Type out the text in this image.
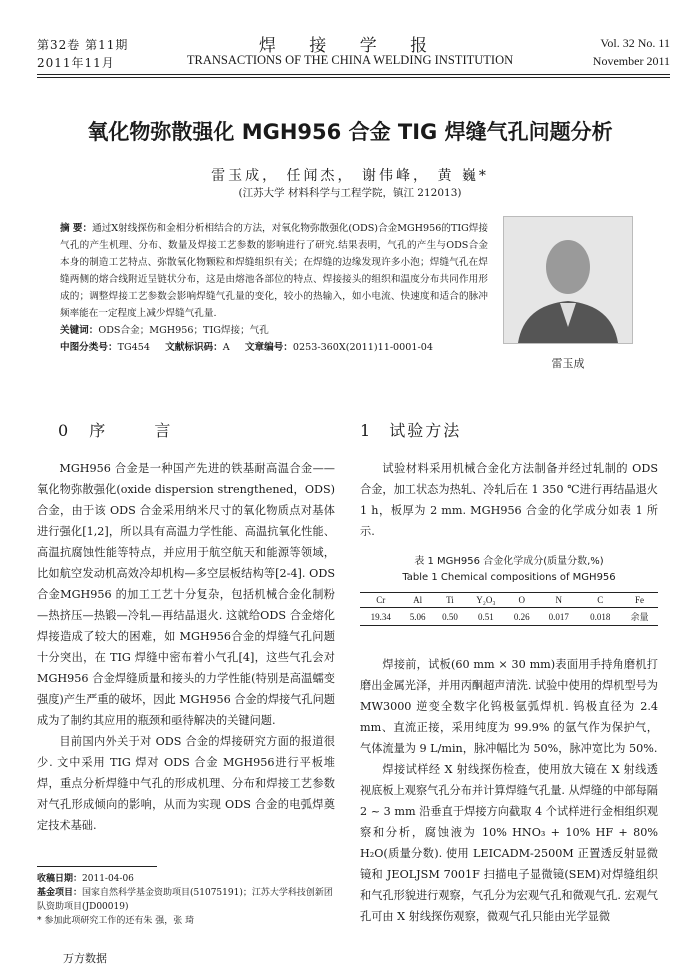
第32卷 第11期
2011年11月
焊 接 学 报
TRANSACTIONS OF THE CHINA WELDING INSTITUTION
Vol. 32 No. 11
November 2011
氧化物弥散强化 MGH956 合金 TIG 焊缝气孔问题分析
雷玉成， 任闻杰， 谢伟峰， 黄 巍*
(江苏大学 材料科学与工程学院，镇江 212013)
摘 要：通过X射线探伤和金相分析相结合的方法，对氧化物弥散强化(ODS)合金MGH956的TIG焊接气孔的产生机理、分布、数量及焊接工艺参数的影响进行了研究.结果表明，气孔的产生与ODS合金本身的制造工艺特点、弥散氧化物颗粒和焊缝组织有关；在焊缝的边缘发现许多小泡；焊缝气孔在焊缝两侧的熔合线附近呈链状分布，这是由熔池各部位的特点、焊接接头的组织和温度分布共同作用形成的；调整焊接工艺参数会影响焊缝气孔量的变化，较小的热输入，如小电流、快速度和适合的脉冲频率能在一定程度上减少焊缝气孔量.
关键词：ODS合金；MGH956；TIG焊接；气孔
中图分类号：TG454 文献标识码：A 文章编号：0253-360X(2011)11-0001-04
雷玉成
0 序 言

MGH956 合金是一种国产先进的铁基耐高温合金——氧化物弥散强化(oxide dispersion strengthened，ODS)合金，由于该 ODS 合金采用纳米尺寸的氧化物质点对基体进行强化[1,2]，所以具有高温力学性能、高温抗氧化性能、高温抗腐蚀性能等特点，并应用于航空航天和能源等领域，比如航空发动机高效冷却机构—多空层板结构等[2-4]. ODS 合金MGH956 的加工工艺十分复杂，包括机械合金化制粉—热挤压—热锻—冷轧—再结晶退火. 这就给ODS 合金熔化焊接造成了较大的困难，如 MGH956合金的焊缝气孔问题十分突出，在 TIG 焊缝中密布着小气孔[4]，这些气孔会对 MGH956 合金焊缝质量和接头的力学性能(特别是高温蠕变强度)产生严重的破坏，因此 MGH956 合金的焊接气孔问题成为了制约其应用的瓶颈和亟待解决的关键问题.

目前国内外关于对 ODS 合金的焊接研究方面的报道很少. 文中采用 TIG 焊对 ODS 合金 MGH956进行平板堆焊，重点分析焊缝中气孔的形成机理、分布和焊接工艺参数对气孔形成倾向的影响，从而为实现 ODS 合金的电弧焊奠定技术基础.

1 试验方法

试验材料采用机械合金化方法制备并经过轧制的 ODS 合金，加工状态为热轧、冷轧后在 1 350 ℃进行再结晶退火 1 h，板厚为 2 mm. MGH956 合金的化学成分如表 1 所示.

表 1 MGH956 合金化学成分(质量分数,%)
Table 1 Chemical compositions of MGH956
Cr	Al	Ti	Y₂O₃	O	N	C	Fe
19.34	5.06	0.50	0.51	0.26	0.017	0.018	余量

焊接前，试板(60 mm × 30 mm)表面用手持角磨机打磨出金属光泽，并用丙酮超声清洗. 试验中使用的焊机型号为 MW3000 逆变全数字化钨极氩弧焊机. 钨极直径为 2.4 mm、直流正接，采用纯度为 99.9% 的氩气作为保护气，气体流量为 9 L/min，脉冲幅比为 50%，脉冲宽比为 50%.

焊接试样经 X 射线探伤检查，使用放大镜在 X 射线透视底板上观察气孔分布并计算焊缝气孔量. 从焊缝的中部每隔 2 ~ 3 mm 沿垂直于焊接方向截取 4 个试样进行金相组织观察和分析，腐蚀液为 10% HNO₃ + 10% HF + 80% H₂O(质量分数). 使用 LEICADM-2500M 正置透反射显微镜和 JEOLJSM 7001F 扫描电子显微镜(SEM)对焊缝组织和气孔形貌进行观察，气孔分为宏观气孔和微观气孔. 宏观气孔可由 X 射线探伤观察，微观气孔只能由光学显微

收稿日期：2011-04-06
基金项目：国家自然科学基金资助项目(51075191)；江苏大学科技创新团队资助项目(JD00019)
* 参加此项研究工作的还有朱 强，张 琦
万方数据
